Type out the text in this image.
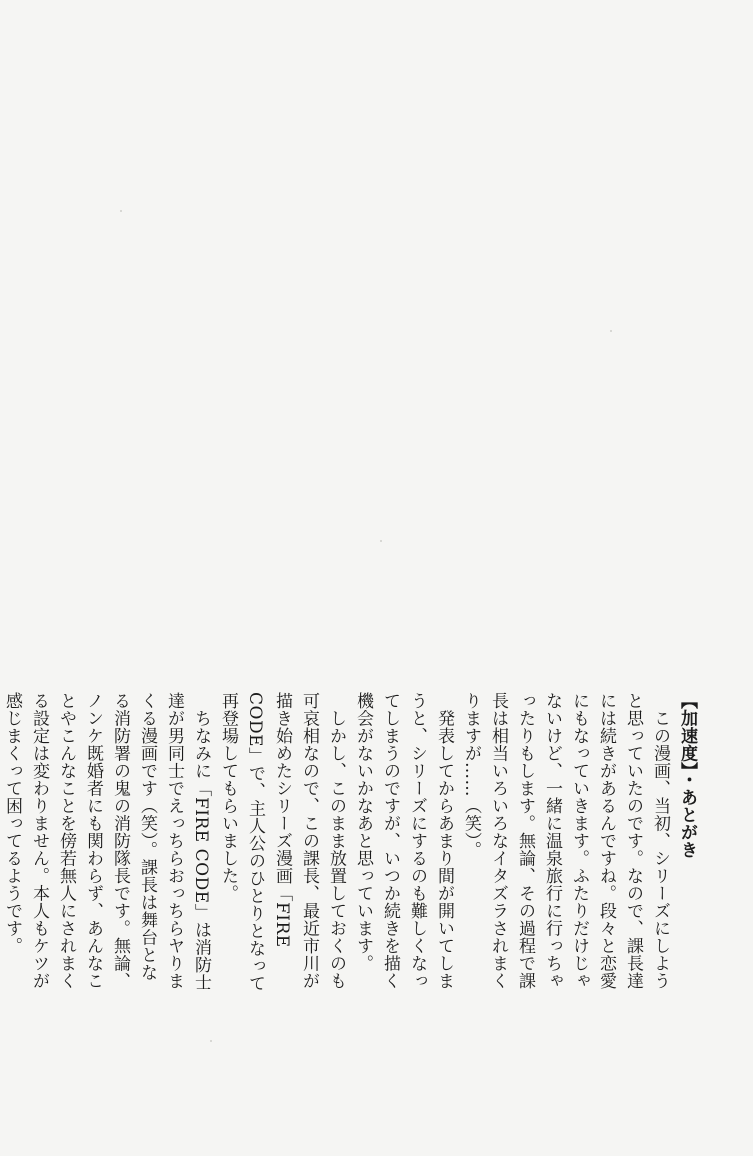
【加速度】・あとがき

　この漫画、当初、シリーズにしようと思っていたのです。なので、課長達には続きがあるんですね。段々と恋愛にもなっていきます。ふたりだけじゃないけど、一緒に温泉旅行に行っちゃったりもします。無論、その過程で課長は相当いろいろなイタズラされまくりますが……（笑）。

　発表してからあまり間が開いてしまうと、シリーズにするのも難しくなってしまうのですが、いつか続きを描く機会がないかなあと思っています。

　しかし、このまま放置しておくのも可哀相なので、この課長、最近市川が描き始めたシリーズ漫画「FIRE CODE」で、主人公のひとりとなって再登場してもらいました。

　ちなみに「FIRE CODE」は消防士達が男同士でえっちらおっちらヤりまくる漫画です（笑）。課長は舞台となる消防署の鬼の消防隊長です。無論、ノンケ既婚者にも関わらず、あんなことやこんなことを傍若無人にされまくる設定は変わりません。本人もケツが感じまくって困ってるようです。
